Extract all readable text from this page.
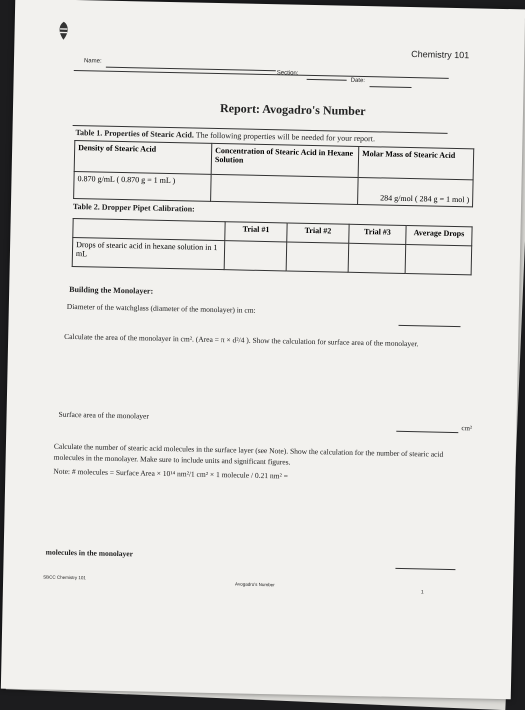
Chemistry 101
Name:
Section:
Date:
Report: Avogadro's Number
Table 1. Properties of Stearic Acid. The following properties will be needed for your report.
Density of Stearic Acid	Concentration of Stearic Acid in Hexane Solution	Molar Mass of Stearic Acid
0.870 g/mL ( 0.870 g = 1 mL )		284 g/mol ( 284 g = 1 mol )
Table 2. Dropper Pipet Calibration:
	Trial #1	Trial #2	Trial #3	Average Drops
Drops of stearic acid in hexane solution in 1 mL				
Building the Monolayer:
Diameter of the watchglass (diameter of the monolayer) in cm:
Calculate the area of the monolayer in cm². (Area = π × d²/4 ). Show the calculation for surface area of the monolayer.
Surface area of the monolayer
cm²
Calculate the number of stearic acid molecules in the surface layer (see Note). Show the calculation for the number of stearic acid molecules in the monolayer. Make sure to include units and significant figures.
Note: # molecules = Surface Area × 10¹⁴ nm²/1 cm² × 1 molecule / 0.21 nm² =
molecules in the monolayer
SBCC Chemistry 101
Avogadro's Number
1
